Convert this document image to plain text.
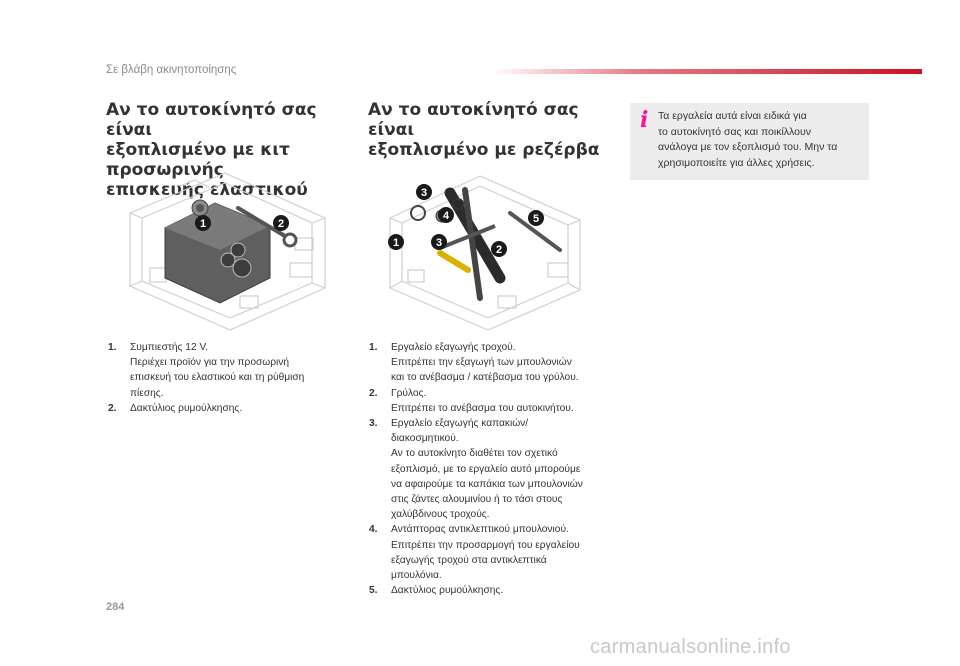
Σε βλάβη ακινητοποίησης
Αν το αυτοκίνητό σας είναι
εξοπλισμένο με κιτ προσωρινής
επισκευής ελαστικού
1	2
1. Συμπιεστής 12 V.
Περιέχει προϊόν για την προσωρινή
επισκευή του ελαστικού και τη ρύθμιση
πίεσης.
2. Δακτύλιος ρυμούλκησης.
Αν το αυτοκίνητό σας είναι
εξοπλισμένο με ρεζέρβα
3
4	5
1	3
2
1. Εργαλείο εξαγωγής τροχού.
Επιτρέπει την εξαγωγή των μπουλονιών
και το ανέβασμα / κατέβασμα του γρύλου.
2. Γρύλος.
Επιτρέπει το ανέβασμα του αυτοκινήτου.
3. Εργαλείο εξαγωγής καπακιών/
διακοσμητικού.
Αν το αυτοκίνητο διαθέτει τον σχετικό
εξοπλισμό, με το εργαλείο αυτό μπορούμε
να αφαιρούμε τα καπάκια των μπουλονιών
στις ζάντες αλουμινίου ή το τάσι στους
χαλύβδινους τροχούς.
4. Αντάπτορας αντικλεπτικού μπουλονιού.
Επιτρέπει την προσαρμογή του εργαλείου
εξαγωγής τροχού στα αντικλεπτικά
μπουλόνια.
5. Δακτύλιος ρυμούλκησης.
i Τα εργαλεία αυτά είναι ειδικά για
το αυτοκίνητό σας και ποικίλλουν
ανάλογα με τον εξοπλισμό του. Μην τα
χρησιμοποιείτε για άλλες χρήσεις.

284
carmanualsonline.info
